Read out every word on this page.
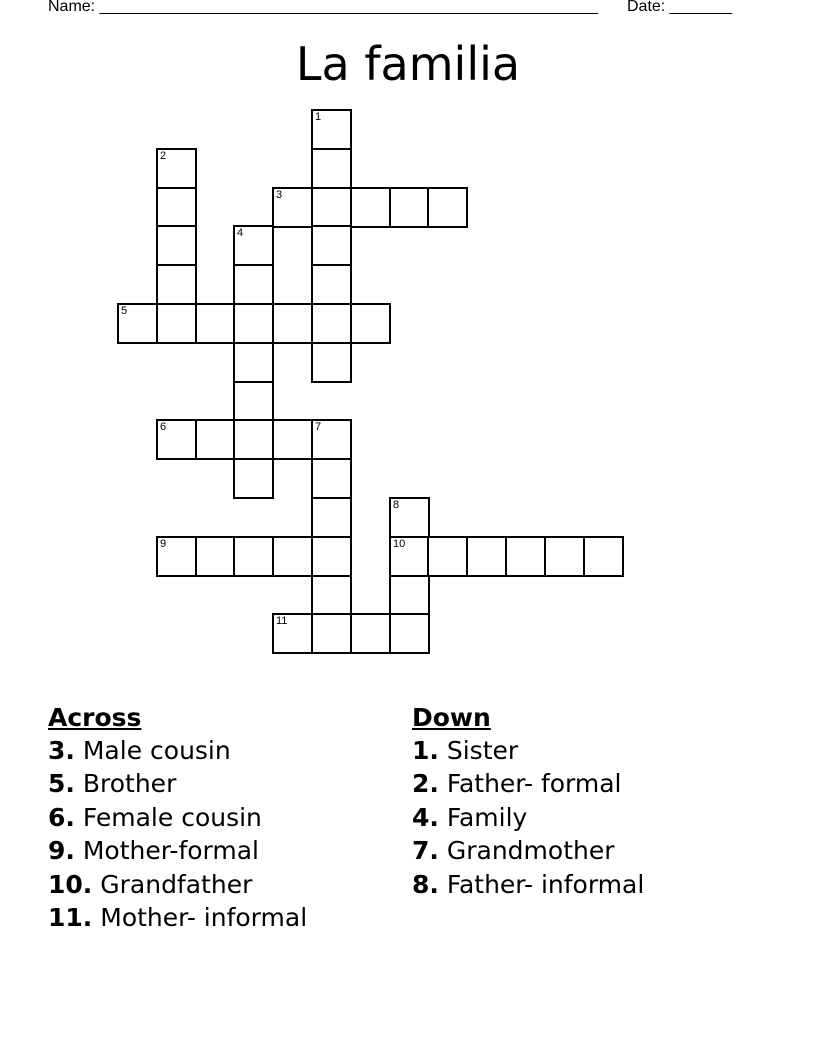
Name: ________________________________________________________ Date: _______
La familia
1
2
3
4
5
6	7
8
9	10
11
Across
3. Male cousin
5. Brother
6. Female cousin
9. Mother-formal
10. Grandfather
11. Mother- informal
Down
1. Sister
2. Father- formal
4. Family
7. Grandmother
8. Father- informal
